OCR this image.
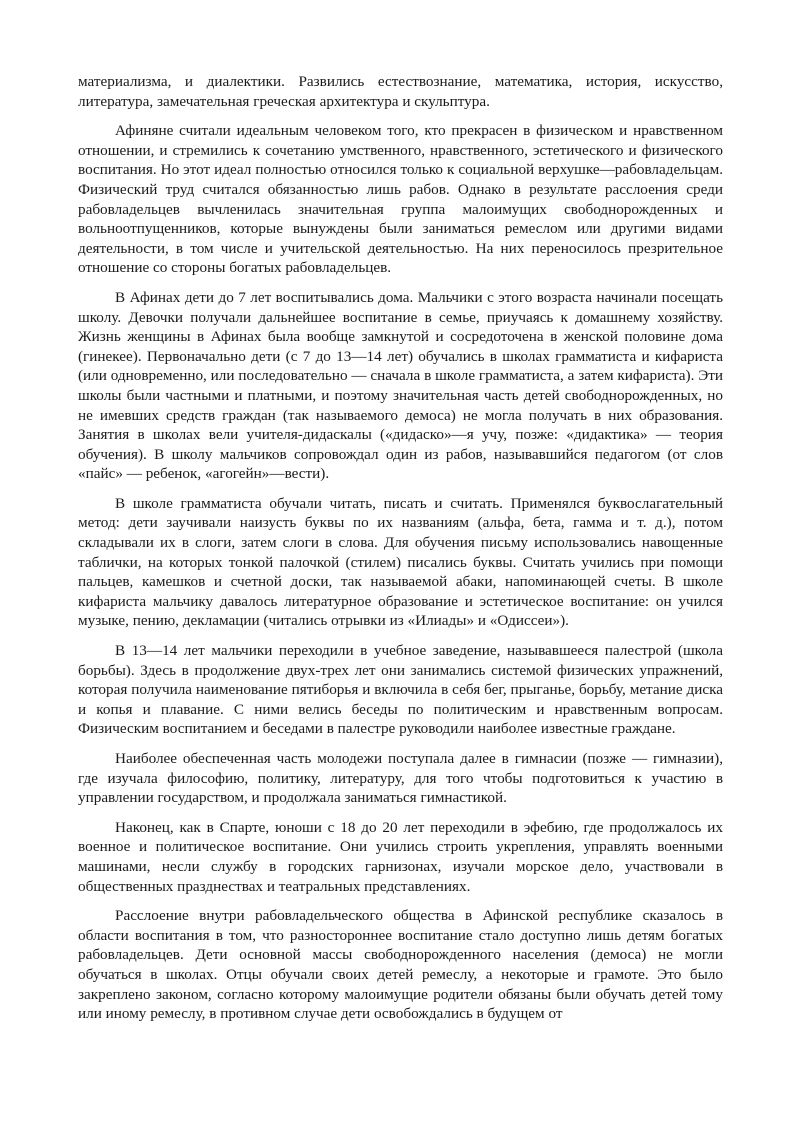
материализма, и диалектики. Развились естествознание, математика, история, искусство, литература, замечательная греческая архитектура и скульптура.

Афиняне считали идеальным человеком того, кто прекрасен в физическом и нравственном отношении, и стремились к сочетанию умственного, нравственного, эстетического и физического воспитания. Но этот идеал полностью относился только к социальной верхушке—рабовладельцам. Физический труд считался обязанностью лишь рабов. Однако в результате расслоения среди рабовладельцев вычленилась значительная группа малоимущих свободнорожденных и вольноотпущенников, которые вынуждены были заниматься ремеслом или другими видами деятельности, в том числе и учительской деятельностью. На них переносилось презрительное отношение со стороны богатых рабовладельцев.

В Афинах дети до 7 лет воспитывались дома. Мальчики с этого возраста начинали посещать школу. Девочки получали дальнейшее воспитание в семье, приучаясь к домашнему хозяйству. Жизнь женщины в Афинах была вообще замкнутой и сосредоточена в женской половине дома (гинекее). Первоначально дети (с 7 до 13—14 лет) обучались в школах грамматиста и кифариста (или одновременно, или последовательно — сначала в школе грамматиста, а затем кифариста). Эти школы были частными и платными, и поэтому значительная часть детей свободнорожденных, но не имевших средств граждан (так называемого демоса) не могла получать в них образования. Занятия в школах вели учителя-дидаскалы («дидаско»—я учу, позже: «дидактика» — теория обучения). В школу мальчиков сопровождал один из рабов, называвшийся педагогом (от слов «пайс» — ребенок, «агогейн»—вести).

В школе грамматиста обучали читать, писать и считать. Применялся буквослагательный метод: дети заучивали наизусть буквы по их названиям (альфа, бета, гамма и т. д.), потом складывали их в слоги, затем слоги в слова. Для обучения письму использовались навощенные таблички, на которых тонкой палочкой (стилем) писались буквы. Считать учились при помощи пальцев, камешков и счетной доски, так называемой абаки, напоминающей счеты. В школе кифариста мальчику давалось литературное образование и эстетическое воспитание: он учился музыке, пению, декламации (читались отрывки из «Илиады» и «Одиссеи»).

В 13—14 лет мальчики переходили в учебное заведение, называвшееся палестрой (школа борьбы). Здесь в продолжение двух-трех лет они занимались системой физических упражнений, которая получила наименование пятиборья и включила в себя бег, прыганье, борьбу, метание диска и копья и плавание. С ними велись беседы по политическим и нравственным вопросам. Физическим воспитанием и беседами в палестре руководили наиболее известные граждане.

Наиболее обеспеченная часть молодежи поступала далее в гимнасии (позже — гимназии), где изучала философию, политику, литературу, для того чтобы подготовиться к участию в управлении государством, и продолжала заниматься гимнастикой.

Наконец, как в Спарте, юноши с 18 до 20 лет переходили в эфебию, где продолжалось их военное и политическое воспитание. Они учились строить укрепления, управлять военными машинами, несли службу в городских гарнизонах, изучали морское дело, участвовали в общественных празднествах и театральных представлениях.

Расслоение внутри рабовладельческого общества в Афинской республике сказалось в области воспитания в том, что разностороннее воспитание стало доступно лишь детям богатых рабовладельцев. Дети основной массы свободнорожденного населения (демоса) не могли обучаться в школах. Отцы обучали своих детей ремеслу, а некоторые и грамоте. Это было закреплено законом, согласно которому малоимущие родители обязаны были обучать детей тому или иному ремеслу, в противном случае дети освобождались в будущем от
